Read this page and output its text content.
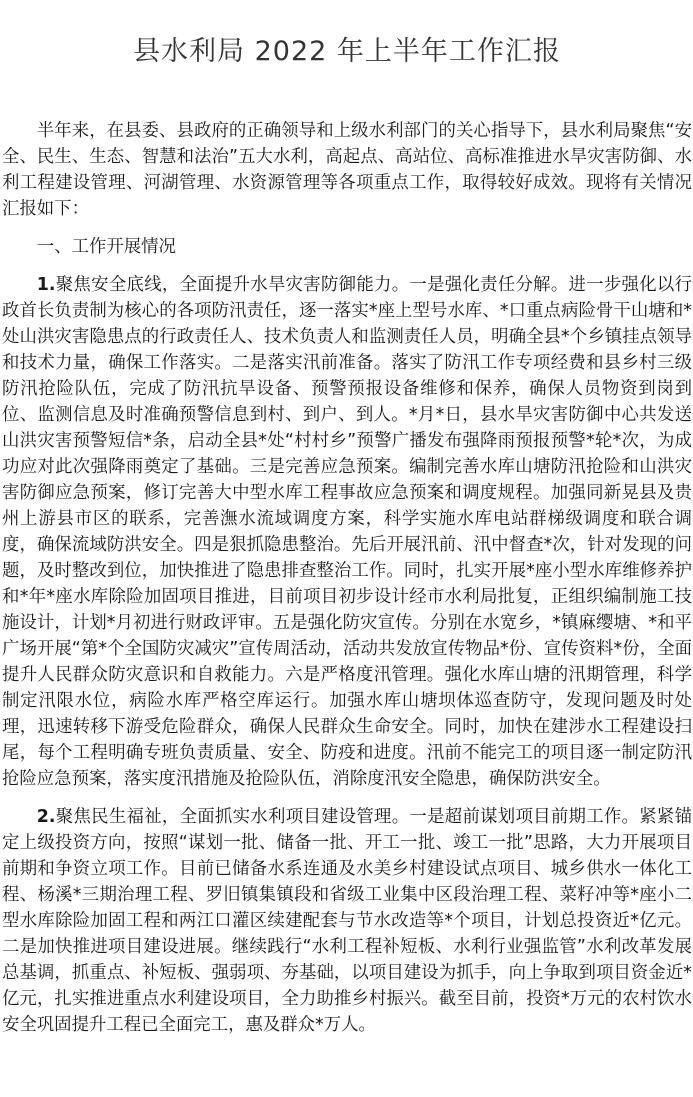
县水利局 2022 年上半年工作汇报

半年来，在县委、县政府的正确领导和上级水利部门的关心指导下，县水利局聚焦“安全、民生、生态、智慧和法治”五大水利，高起点、高站位、高标准推进水旱灾害防御、水利工程建设管理、河湖管理、水资源管理等各项重点工作，取得较好成效。现将有关情况汇报如下：

一、工作开展情况

1.聚焦安全底线，全面提升水旱灾害防御能力。一是强化责任分解。进一步强化以行政首长负责制为核心的各项防汛责任，逐一落实*座上型号水库、*口重点病险骨干山塘和*处山洪灾害隐患点的行政责任人、技术负责人和监测责任人员，明确全县*个乡镇挂点领导和技术力量，确保工作落实。二是落实汛前准备。落实了防汛工作专项经费和县乡村三级防汛抢险队伍，完成了防汛抗旱设备、预警预报设备维修和保养，确保人员物资到岗到位、监测信息及时准确预警信息到村、到户、到人。*月*日，县水旱灾害防御中心共发送山洪灾害预警短信*条，启动全县*处“村村乡”预警广播发布强降雨预报预警*轮*次，为成功应对此次强降雨奠定了基础。三是完善应急预案。编制完善水库山塘防汛抢险和山洪灾害防御应急预案，修订完善大中型水库工程事故应急预案和调度规程。加强同新晃县及贵州上游县市区的联系，完善潕水流域调度方案，科学实施水库电站群梯级调度和联合调度，确保流域防洪安全。四是狠抓隐患整治。先后开展汛前、汛中督查*次，针对发现的问题，及时整改到位，加快推进了隐患排查整治工作。同时，扎实开展*座小型水库维修养护和*年*座水库除险加固项目推进，目前项目初步设计经市水利局批复，正组织编制施工技施设计，计划*月初进行财政评审。五是强化防灾宣传。分别在水宽乡，*镇麻缨塘、*和平广场开展“第*个全国防灾减灾”宣传周活动，活动共发放宣传物品*份、宣传资料*份，全面提升人民群众防灾意识和自救能力。六是严格度汛管理。强化水库山塘的汛期管理，科学制定汛限水位，病险水库严格空库运行。加强水库山塘坝体巡查防守，发现问题及时处理，迅速转移下游受危险群众，确保人民群众生命安全。同时，加快在建涉水工程建设扫尾，每个工程明确专班负责质量、安全、防疫和进度。汛前不能完工的项目逐一制定防汛抢险应急预案，落实度汛措施及抢险队伍，消除度汛安全隐患，确保防洪安全。

2.聚焦民生福祉，全面抓实水利项目建设管理。一是超前谋划项目前期工作。紧紧锚定上级投资方向，按照“谋划一批、储备一批、开工一批、竣工一批”思路，大力开展项目前期和争资立项工作。目前已储备水系连通及水美乡村建设试点项目、城乡供水一体化工程、杨溪*三期治理工程、罗旧镇集镇段和省级工业集中区段治理工程、菜籽冲等*座小二型水库除险加固工程和两江口灌区续建配套与节水改造等*个项目，计划总投资近*亿元。二是加快推进项目建设进展。继续践行“水利工程补短板、水利行业强监管”水利改革发展总基调，抓重点、补短板、强弱项、夯基础，以项目建设为抓手，向上争取到项目资金近*亿元，扎实推进重点水利建设项目，全力助推乡村振兴。截至目前，投资*万元的农村饮水安全巩固提升工程已全面完工，惠及群众*万人。
